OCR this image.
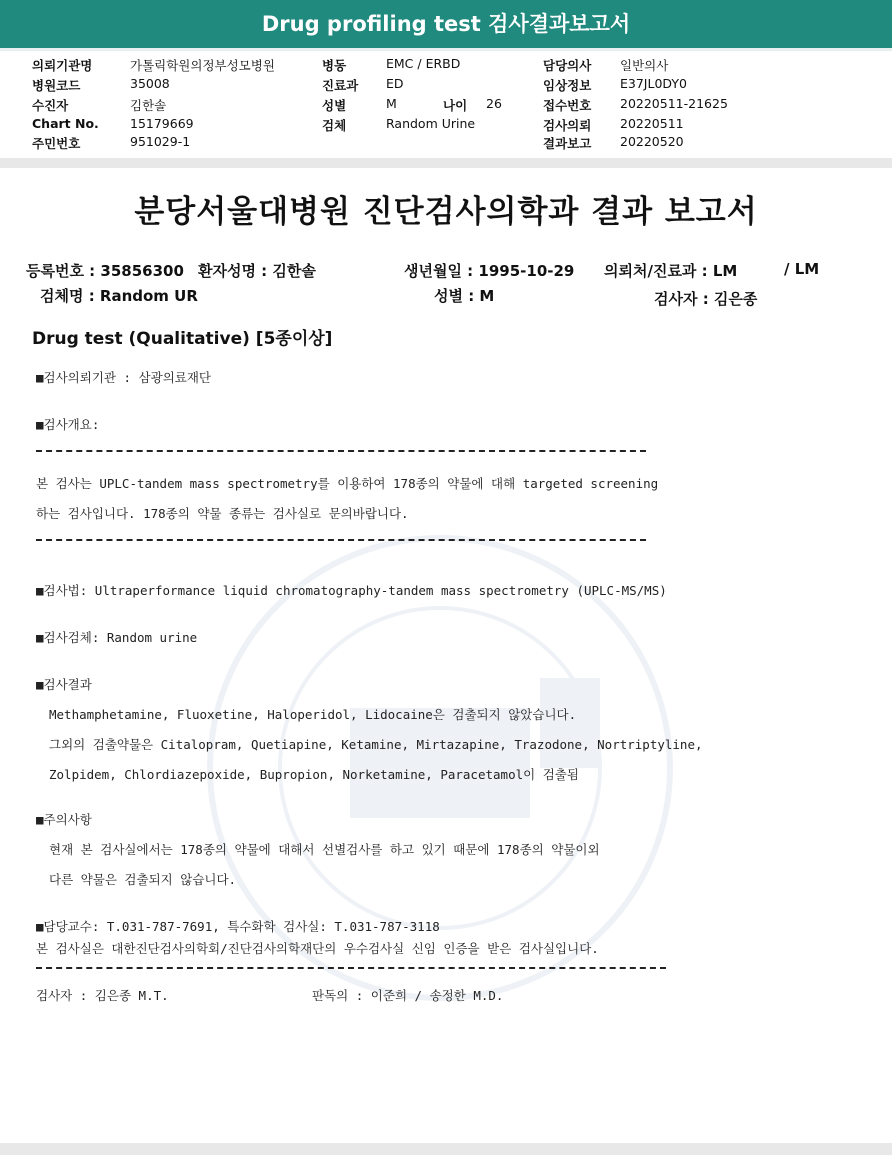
Drug profiling test 검사결과보고서
의뢰기관명	가톨릭학원의정부성모병원
병원코드	35008
수진자	김한솔
Chart No. 15179669
주민번호	951029-1
병동	EMC / ERBD
진료과 ED
성별	M	나이 26
검체	Random Urine
담당의사 일반의사
임상정보 E37JL0DY0
접수번호 20220511-21625
검사의뢰 20220511
결과보고 20220520
분당서울대병원 진단검사의학과 결과 보고서
등록번호 : 35856300 환자성명 : 김한솔	생년월일 : 1995-10-29 의뢰처/진료과 : LM	/ LM
검체명 : Random UR	성별 : M	검사자 : 김은종
Drug test (Qualitative) [5종이상]
■검사의뢰기관 : 삼광의료재단
■검사개요:
본 검사는 UPLC-tandem mass spectrometry를 이용하여 178종의 약물에 대해 targeted screening
하는 검사입니다. 178종의 약물 종류는 검사실로 문의바랍니다.
■검사법: Ultraperformance liquid chromatography-tandem mass spectrometry (UPLC-MS/MS)
■검사검체: Random urine
■검사결과
Methamphetamine, Fluoxetine, Haloperidol, Lidocaine은 검출되지 않았습니다.
그외의 검출약물은 Citalopram, Quetiapine, Ketamine, Mirtazapine, Trazodone, Nortriptyline,
Zolpidem, Chlordiazepoxide, Bupropion, Norketamine, Paracetamol이 검출됨
■주의사항
현재 본 검사실에서는 178종의 약물에 대해서 선별검사를 하고 있기 때문에 178종의 약물이외
다른 약물은 검출되지 않습니다.
■담당교수: T.031-787-7691, 특수화학 검사실: T.031-787-3118
본 검사실은 대한진단검사의학회/진단검사의학재단의 우수검사실 신임 인증을 받은 검사실입니다.
검사자 : 김은종 M.T.	판독의 : 이준희 / 송정한 M.D.
